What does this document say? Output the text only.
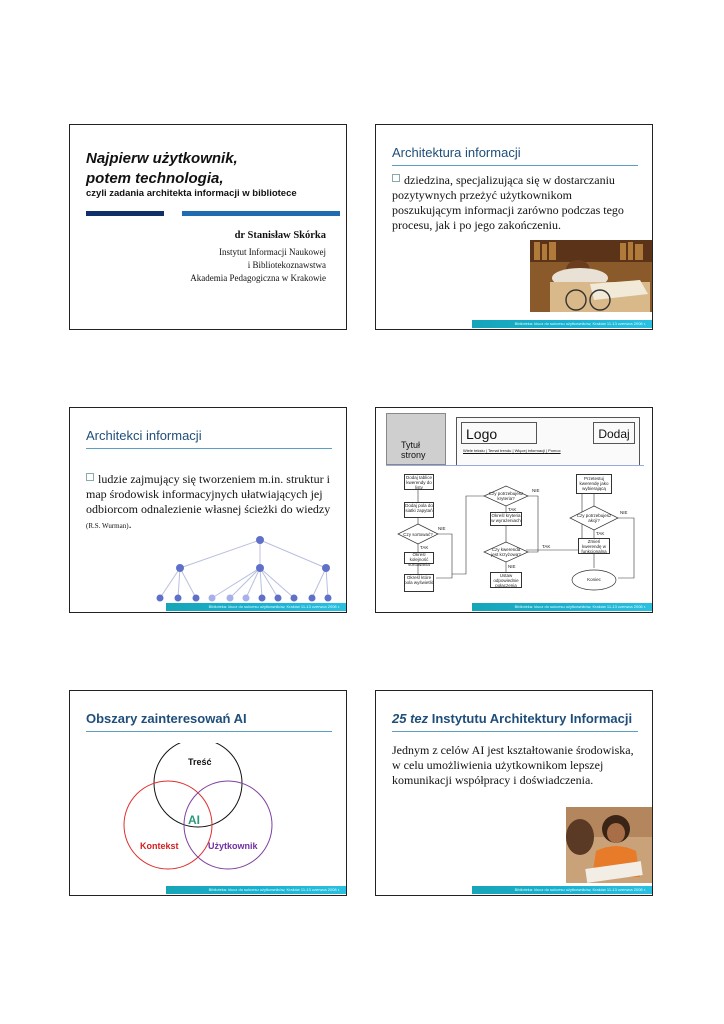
Najpierw użytkownik,
potem technologia,
czyli zadania architekta informacji w bibliotece
dr Stanisław Skórka
Instytut Informacji Naukowej
i Bibliotekoznawstwa
Akademia Pedagogiczna w Krakowie
Architektura informacji
dziedzina, specjalizująca się w dostarczaniu pozytywnych przeżyć użytkownikom poszukującym informacji zarówno podczas tego procesu, jak i po jego zakończeniu.
Biblioteka: klucz do sukcesu użytkowników, Kraków 11-13 czerwca 2008 r.
Architekci informacji
ludzie zajmujący się tworzeniem m.in. struktur i map środowisk informacyjnych ułatwiających jej odbiorcom odnalezienie własnej ścieżki do wiedzy (R.S. Wurman).
Biblioteka: klucz do sukcesu użytkowników, Kraków 11-13 czerwca 2008 r.
Tytuł strony
Logo	Dodaj
Wiele tekstu | Temat trendu | Więcej informacji | Pomoc
Dodaj tablice kwerendy do listy
Dodaj pola do siatki zapytań
Czy sortować?
NIE
TAK
Określ kolejność sortowania
Określ które pola wyświetlić
Czy potrzebujesz kryteria?
NIE
TAK
Określ kryteria w wyrażeniach
Czy kwerenda jest krzyżowa?
TAK
NIE
Ustaw odpowiednie połączenia
Przetestuj kwerendę jako wybierającą
Czy potrzebujesz akcji?
NIE
TAK
Zmień kwerendę w funkcjonalną
Koniec
Biblioteka: klucz do sukcesu użytkowników, Kraków 11-13 czerwca 2008 r.
Obszary zainteresowań AI
Treść
AI
Kontekst	Użytkownik
Biblioteka: klucz do sukcesu użytkowników, Kraków 11-13 czerwca 2008 r.
25 tez Instytutu Architektury Informacji
Jednym z celów AI jest kształtowanie środowiska, w celu umożliwienia użytkownikom lepszej komunikacji współpracy i doświadczenia.
Biblioteka: klucz do sukcesu użytkowników, Kraków 11-13 czerwca 2008 r.
